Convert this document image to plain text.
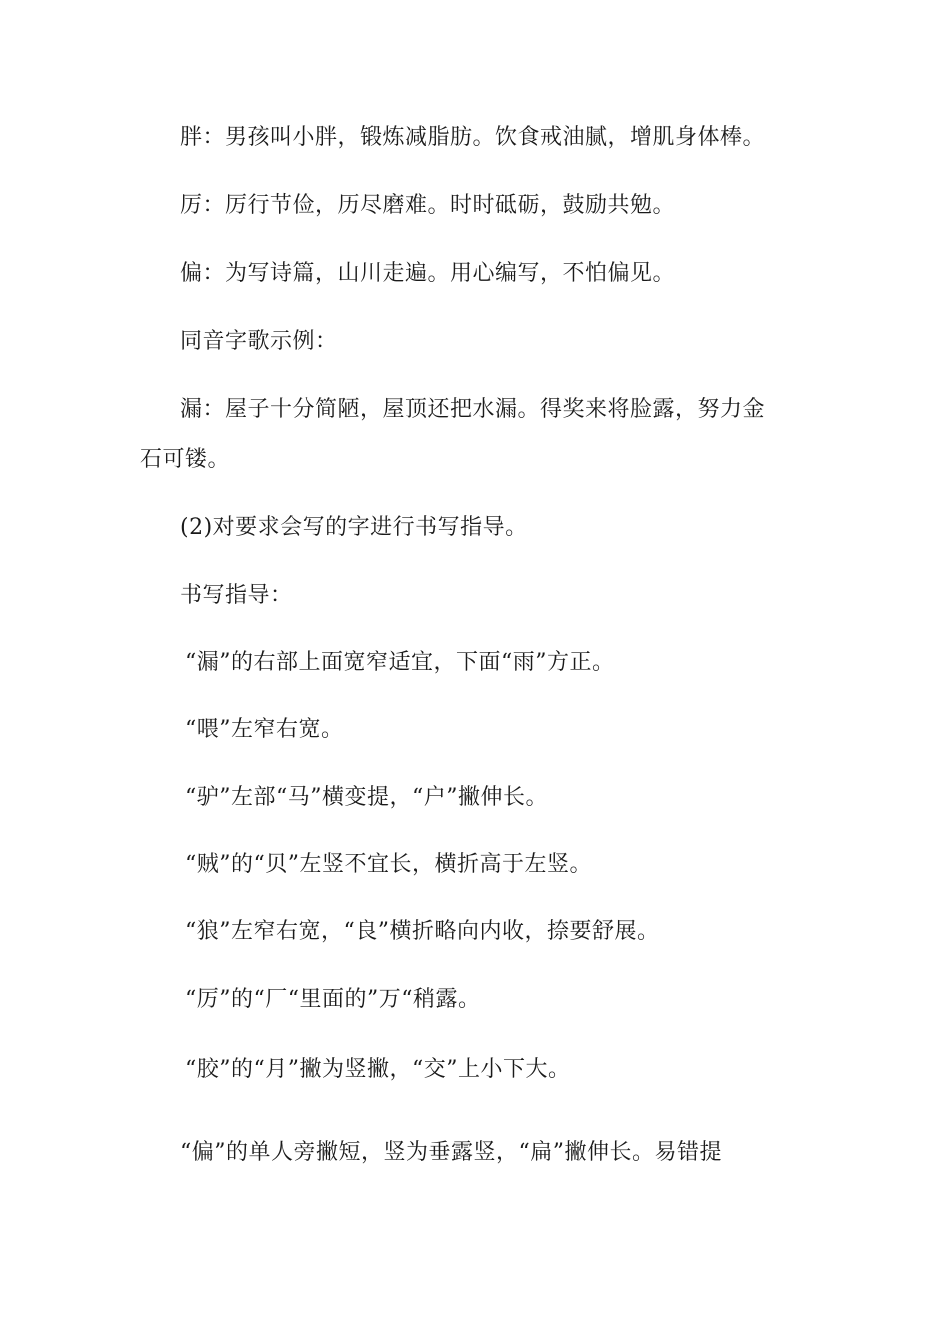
胖：男孩叫小胖，锻炼减脂肪。饮食戒油腻，增肌身体棒。
厉：厉行节俭，历尽磨难。时时砥砺，鼓励共勉。
偏：为写诗篇，山川走遍。用心编写，不怕偏见。
同音字歌示例：
漏：屋子十分简陋，屋顶还把水漏。得奖来将脸露，努力金
石可镂。
(2)对要求会写的字进行书写指导。
书写指导：
“漏”的右部上面宽窄适宜，下面“雨”方正。
“喂”左窄右宽。
“驴”左部“马”横变提，“户”撇伸长。
“贼”的“贝”左竖不宜长，横折高于左竖。
“狼”左窄右宽，“良”横折略向内收，捺要舒展。
“厉”的“厂“里面的”万“稍露。
“胶”的“月”撇为竖撇，“交”上小下大。
“偏”的单人旁撇短，竖为垂露竖，“扁”撇伸长。易错提
